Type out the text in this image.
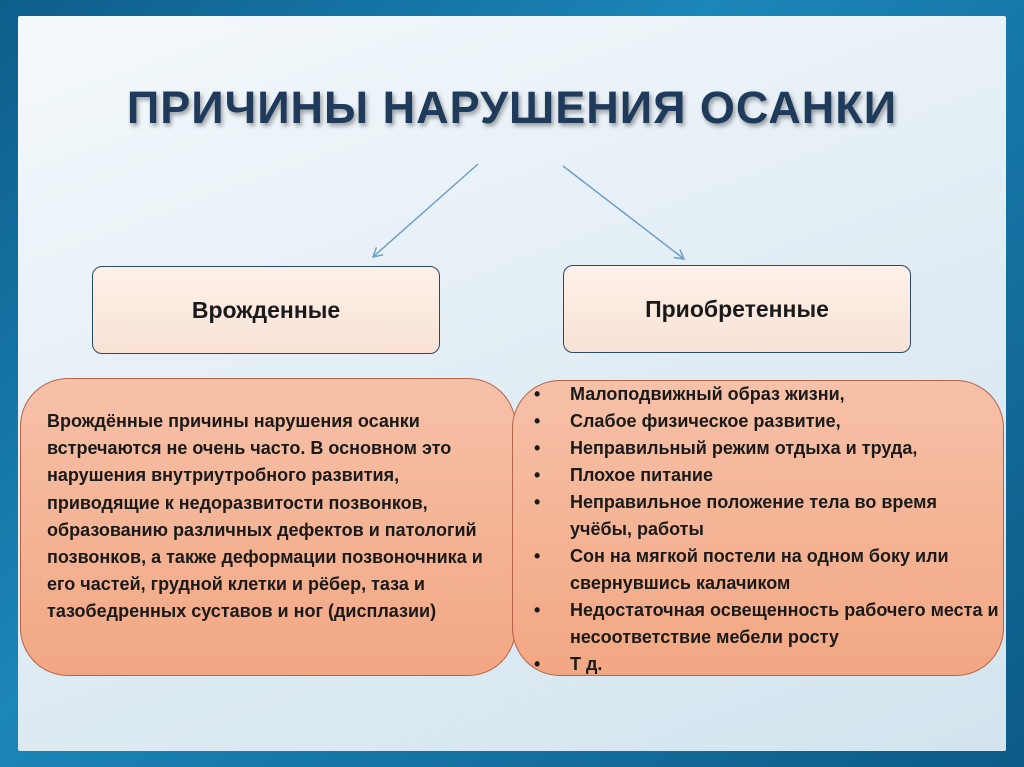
ПРИЧИНЫ НАРУШЕНИЯ ОСАНКИ
Врожденные	Приобретенные
Врождённые причины нарушения осанки встречаются не очень часто. В основном это нарушения внутриутробного развития, приводящие к недоразвитости позвонков, образованию различных дефектов и патологий позвонков, а также деформации позвоночника и его частей, грудной клетки и рёбер, таза и тазобедренных суставов и ног (дисплазии)
• Малоподвижный образ жизни,
• Слабое физическое развитие,
• Неправильный режим отдыха и труда,
• Плохое питание
• Неправильное положение тела во время учёбы, работы
• Сон на мягкой постели на одном боку или свернувшись калачиком
• Недостаточная освещенность рабочего места и несоответствие мебели росту
• Т д.
